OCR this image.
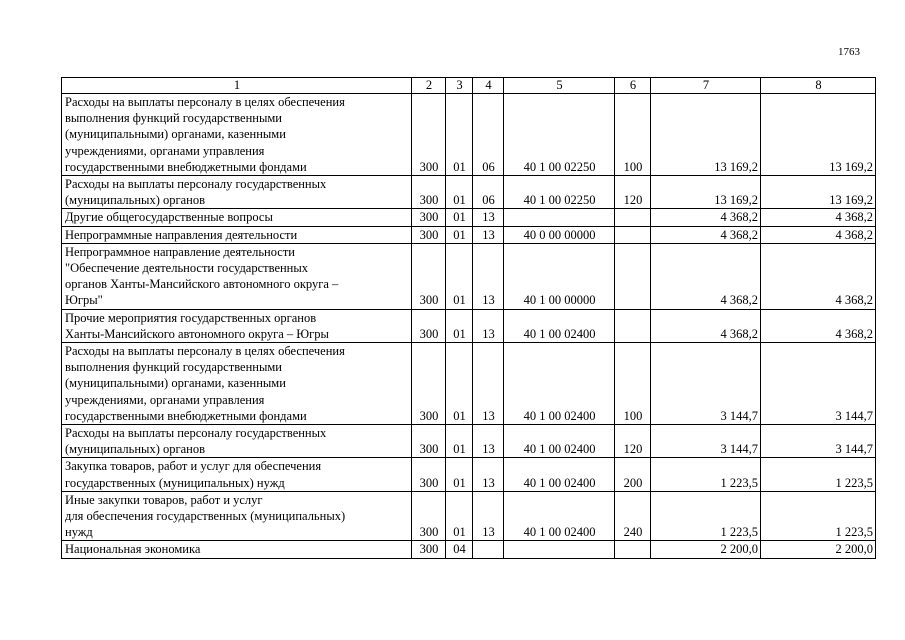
1763
1	2	3	4	5	6	7	8

Расходы на выплаты персоналу в целях обеспечения
выполнения функций государственными
(муниципальными) органами, казенными
учреждениями, органами управления
государственными внебюджетными фондами	300	01	06	40 1 00 02250	100	13 169,2	13 169,2

Расходы на выплаты персоналу государственных
(муниципальных) органов	300	01	06	40 1 00 02250	120	13 169,2	13 169,2

Другие общегосударственные вопросы	300	01	13			4 368,2	4 368,2

Непрограммные направления деятельности	300	01	13	40 0 00 00000		4 368,2	4 368,2

Непрограммное направление деятельности
"Обеспечение деятельности государственных
органов Ханты-Мансийского автономного округа –
Югры"	300	01	13	40 1 00 00000		4 368,2	4 368,2

Прочие мероприятия государственных органов
Ханты-Мансийского автономного округа – Югры	300	01	13	40 1 00 02400		4 368,2	4 368,2

Расходы на выплаты персоналу в целях обеспечения
выполнения функций государственными
(муниципальными) органами, казенными
учреждениями, органами управления
государственными внебюджетными фондами	300	01	13	40 1 00 02400	100	3 144,7	3 144,7

Расходы на выплаты персоналу государственных
(муниципальных) органов	300	01	13	40 1 00 02400	120	3 144,7	3 144,7

Закупка товаров, работ и услуг для обеспечения
государственных (муниципальных) нужд	300	01	13	40 1 00 02400	200	1 223,5	1 223,5

Иные закупки товаров, работ и услуг
для обеспечения государственных (муниципальных)
нужд	300	01	13	40 1 00 02400	240	1 223,5	1 223,5

Национальная экономика	300	04				2 200,0	2 200,0
